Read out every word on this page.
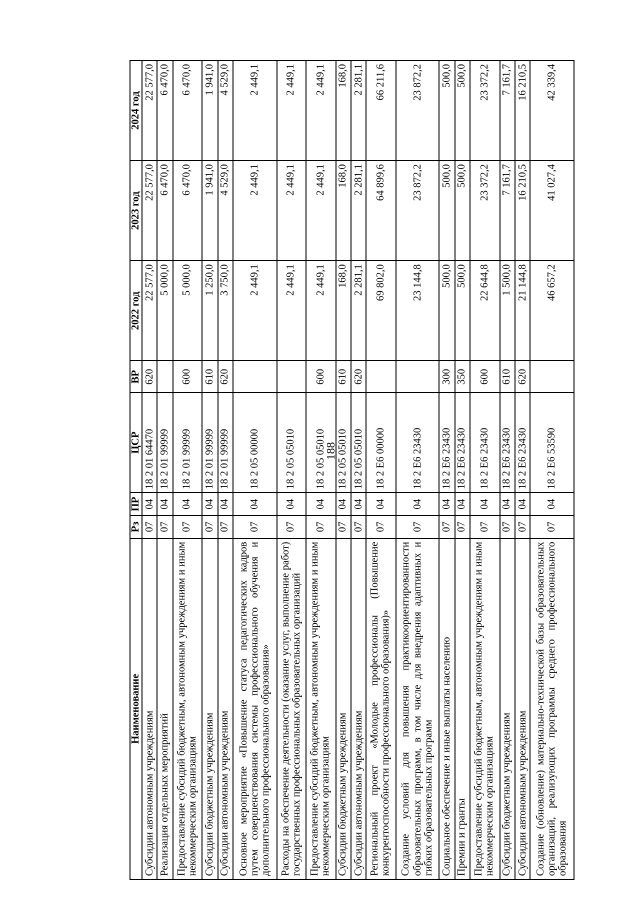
188
Наименование	Рз	ПР	ЦСР	ВР	2022 год	2023 год	2024 год
Субсидии автономным учреждениям	07	04	18 2 01 64470	620	22 577,0	22 577,0	22 577,0
Реализация отдельных мероприятий	07	04	18 2 01 99999		5 000,0	6 470,0	6 470,0
Предоставление субсидий бюджетным, автономным учреждениям и иным некоммерческим организациям	07	04	18 2 01 99999	600	5 000,0	6 470,0	6 470,0
Субсидии бюджетным учреждениям	07	04	18 2 01 99999	610	1 250,0	1 941,0	1 941,0
Субсидии автономным учреждениям	07	04	18 2 01 99999	620	3 750,0	4 529,0	4 529,0
Основное мероприятие «Повышение статуса педагогических кадров путем совершенствования системы профессионального обучения и дополнительного профессионального образования»	07	04	18 2 05 00000		2 449,1	2 449,1	2 449,1
Расходы на обеспечение деятельности (оказание услуг, выполнение работ) государственных профессиональных образовательных организаций	07	04	18 2 05 05010		2 449,1	2 449,1	2 449,1
Предоставление субсидий бюджетным, автономным учреждениям и иным некоммерческим организациям	07	04	18 2 05 05010	600	2 449,1	2 449,1	2 449,1
Субсидии бюджетным учреждениям	07	04	18 2 05 05010	610	168,0	168,0	168,0
Субсидии автономным учреждениям	07	04	18 2 05 05010	620	2 281,1	2 281,1	2 281,1
Региональный проект «Молодые профессионалы (Повышение конкурентоспособности профессионального образования)»	07	04	18 2 E6 00000		69 802,0	64 899,6	66 211,6
Создание условий для повышения практикоориентированности образовательных программ, в том числе для внедрения адаптивных и гибких образовательных программ	07	04	18 2 E6 23430		23 144,8	23 872,2	23 872,2
Социальное обеспечение и иные выплаты населению	07	04	18 2 E6 23430	300	500,0	500,0	500,0
Премии и гранты	07	04	18 2 E6 23430	350	500,0	500,0	500,0
Предоставление субсидий бюджетным, автономным учреждениям и иным некоммерческим организациям	07	04	18 2 E6 23430	600	22 644,8	23 372,2	23 372,2
Субсидии бюджетным учреждениям	07	04	18 2 E6 23430	610	1 500,0	7 161,7	7 161,7
Субсидии автономным учреждениям	07	04	18 2 E6 23430	620	21 144,8	16 210,5	16 210,5
Создание (обновление) материально-технической базы образовательных организаций, реализующих программы среднего профессионального образования	07	04	18 2 E6 53590		46 657,2	41 027,4	42 339,4
